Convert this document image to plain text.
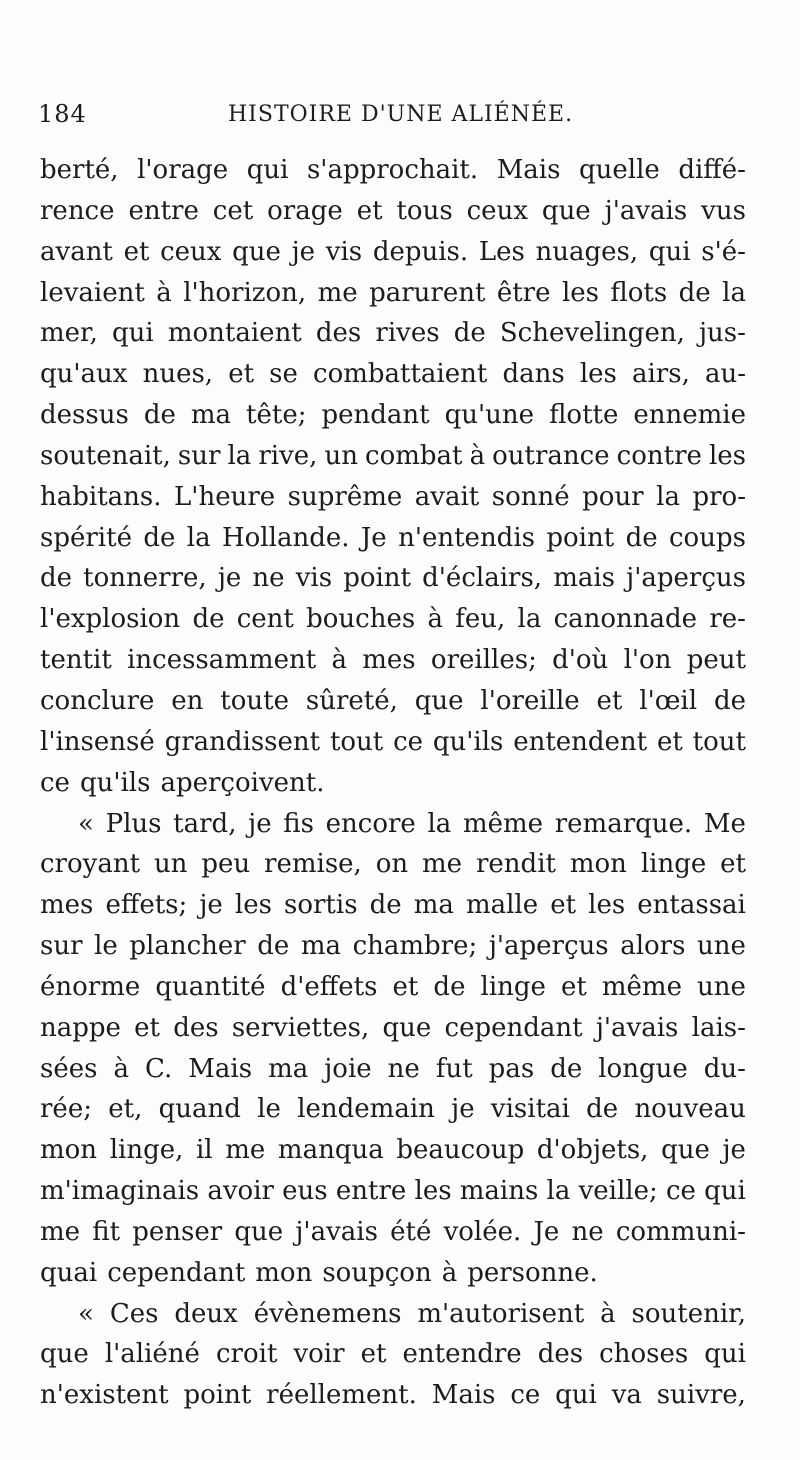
184	HISTOIRE D'UNE ALIÉNÉE.
berté, l'orage qui s'approchait. Mais quelle diffé-
rence entre cet orage et tous ceux que j'avais vus
avant et ceux que je vis depuis. Les nuages, qui s'é-
levaient à l'horizon, me parurent être les flots de la
mer, qui montaient des rives de Schevelingen, jus-
qu'aux nues, et se combattaient dans les airs, au-
dessus de ma tête; pendant qu'une flotte ennemie
soutenait, sur la rive, un combat à outrance contre les
habitans. L'heure suprême avait sonné pour la pro-
spérité de la Hollande. Je n'entendis point de coups
de tonnerre, je ne vis point d'éclairs, mais j'aperçus
l'explosion de cent bouches à feu, la canonnade re-
tentit incessamment à mes oreilles; d'où l'on peut
conclure en toute sûreté, que l'oreille et l'œil de
l'insensé grandissent tout ce qu'ils entendent et tout
ce qu'ils aperçoivent.
« Plus tard, je fis encore la même remarque. Me
croyant un peu remise, on me rendit mon linge et
mes effets; je les sortis de ma malle et les entassai
sur le plancher de ma chambre; j'aperçus alors une
énorme quantité d'effets et de linge et même une
nappe et des serviettes, que cependant j'avais lais-
sées à C. Mais ma joie ne fut pas de longue du-
rée; et, quand le lendemain je visitai de nouveau
mon linge, il me manqua beaucoup d'objets, que je
m'imaginais avoir eus entre les mains la veille; ce qui
me fit penser que j'avais été volée. Je ne communi-
quai cependant mon soupçon à personne.
« Ces deux évènemens m'autorisent à soutenir,
que l'aliéné croit voir et entendre des choses qui
n'existent point réellement. Mais ce qui va suivre,
